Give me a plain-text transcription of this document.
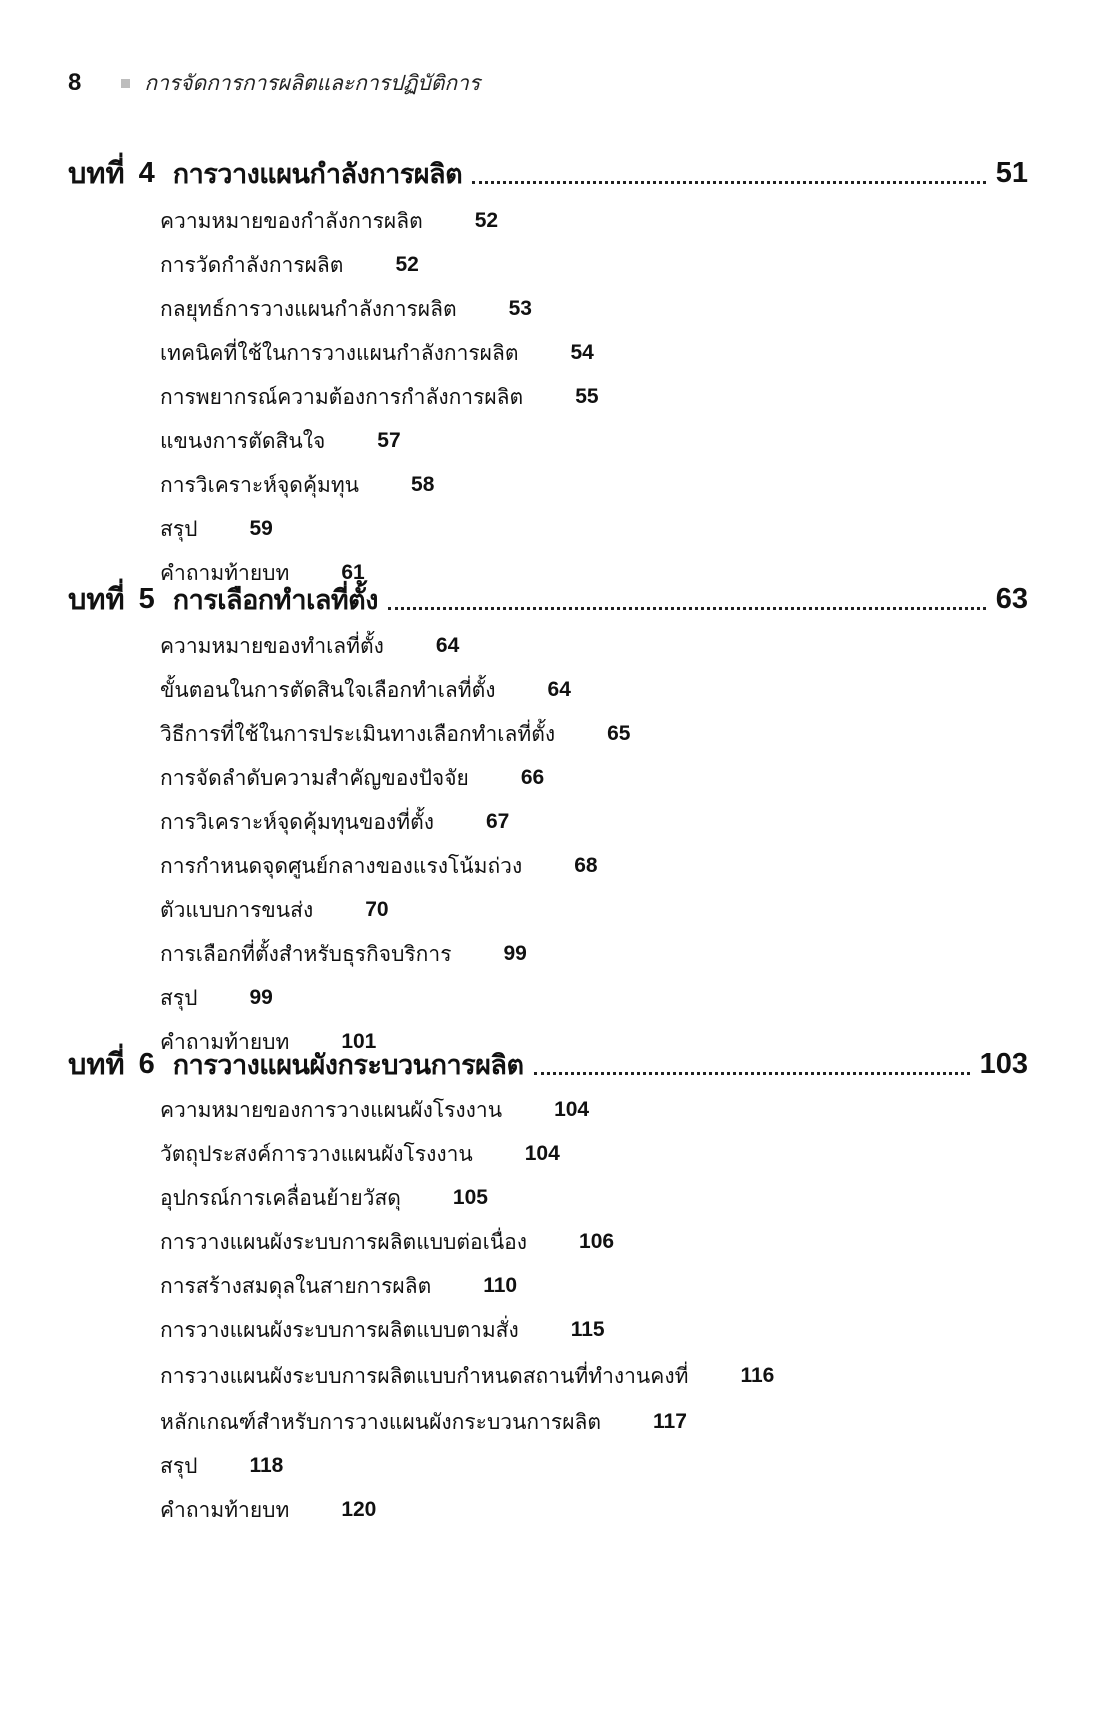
8	การจัดการการผลิตและการปฏิบัติการ
บทที่ 4 การวางแผนกำลังการผลิต	51
ความหมายของกำลังการผลิต 52
การวัดกำลังการผลิต 52
กลยุทธ์การวางแผนกำลังการผลิต 53
เทคนิคที่ใช้ในการวางแผนกำลังการผลิต 54
การพยากรณ์ความต้องการกำลังการผลิต 55
แขนงการตัดสินใจ 57
การวิเคราะห์จุดคุ้มทุน 58
สรุป 59
คำถามท้ายบท 61
บทที่ 5 การเลือกทำเลที่ตั้ง	63
ความหมายของทำเลที่ตั้ง 64
ขั้นตอนในการตัดสินใจเลือกทำเลที่ตั้ง 64
วิธีการที่ใช้ในการประเมินทางเลือกทำเลที่ตั้ง 65
การจัดลำดับความสำคัญของปัจจัย 66
การวิเคราะห์จุดคุ้มทุนของที่ตั้ง 67
การกำหนดจุดศูนย์กลางของแรงโน้มถ่วง 68
ตัวแบบการขนส่ง 70
การเลือกที่ตั้งสำหรับธุรกิจบริการ 99
สรุป 99
คำถามท้ายบท 101
บทที่ 6 การวางแผนผังกระบวนการผลิต	103
ความหมายของการวางแผนผังโรงงาน 104
วัตถุประสงค์การวางแผนผังโรงงาน 104
อุปกรณ์การเคลื่อนย้ายวัสดุ 105
การวางแผนผังระบบการผลิตแบบต่อเนื่อง 106
การสร้างสมดุลในสายการผลิต 110
การวางแผนผังระบบการผลิตแบบตามสั่ง 115
การวางแผนผังระบบการผลิตแบบกำหนดสถานที่ทำงานคงที่ 116
หลักเกณฑ์สำหรับการวางแผนผังกระบวนการผลิต 117
สรุป 118
คำถามท้ายบท 120
